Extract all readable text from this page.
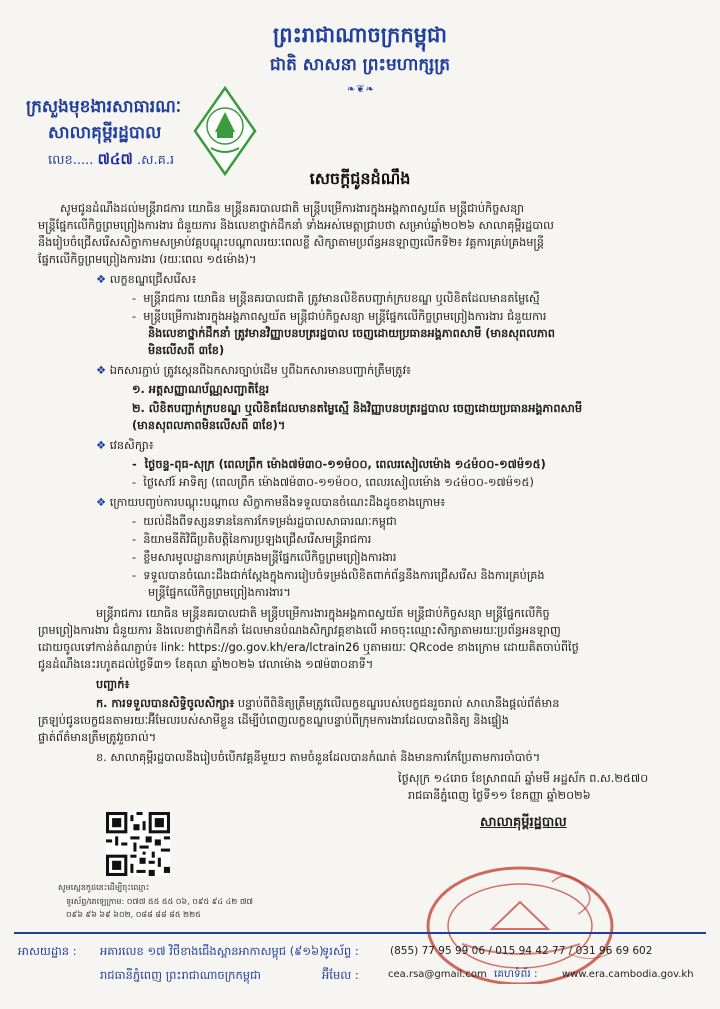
ព្រះរាជាណាចក្រកម្ពុជា
ជាតិ សាសនា ព្រះមហាក្សត្រ
❧❦❧
ក្រសួងមុខងារសាធារណៈ
សាលាគុម្ពីរដ្ឋបាល
លេខ..... ៧៤៧ .ស.គ.រ
សេចក្តីជូនដំណឹង
សូមជូនដំណឹងដល់មន្ត្រីរាជការ យោធិន មន្ត្រីនគរបាលជាតិ មន្ត្រីបម្រើការងារក្នុងអង្គភាពស្វយ័ត មន្ត្រីជាប់កិច្ចសន្យា
មន្ត្រីផ្នែកលើកិច្ចព្រមព្រៀងការងារ ជំនួយការ និងលេខាថ្នាក់ដឹកនាំ ទាំងអស់មេត្តាជ្រាបថា សម្រាប់ឆ្នាំ២០២៦ សាលាគុម្ពីរដ្ឋបាល
នឹងរៀបចំជ្រើសរើសសិក្ខាកាមសម្រាប់វគ្គបណ្តុះបណ្តាលរយៈពេលខ្លី សិក្សាតាមប្រព័ន្ធអនឡាញលើកទី២៖ វគ្គការគ្រប់គ្រងមន្ត្រី
ផ្នែកលើកិច្ចព្រមព្រៀងការងារ (រយៈពេល ១៥ម៉ោង)។
❖ លក្ខខណ្ឌជ្រើសរើស៖
-  មន្ត្រីរាជការ យោធិន មន្ត្រីនគរបាលជាតិ ត្រូវមានលិខិតបញ្ជាក់ក្របខណ្ឌ ឬលិខិតដែលមានតម្លៃស្មើ
-  មន្ត្រីបម្រើការងារក្នុងអង្គភាពស្វយ័ត មន្ត្រីជាប់កិច្ចសន្យា មន្ត្រីផ្នែកលើកិច្ចព្រមព្រៀងការងារ ជំនួយការ
និងលេខាថ្នាក់ដឹកនាំ ត្រូវមានវិញ្ញាបនបត្ររដ្ឋបាល ចេញដោយប្រធានអង្គភាពសាមី (មានសុពលភាព
មិនលើសពី ៣ខែ)
❖ ឯកសារភ្ជាប់ ត្រូវស្កេនពីឯកសារច្បាប់ដើម ឬពីឯកសារមានបញ្ជាក់ត្រឹមត្រូវ៖
១. អត្តសញ្ញាណប័ណ្ណសញ្ជាតិខ្មែរ
២. លិខិតបញ្ជាក់ក្របខណ្ឌ ឬលិខិតដែលមានតម្លៃស្មើ និងវិញ្ញាបនបត្ររដ្ឋបាល ចេញដោយប្រធានអង្គភាពសាមី
(មានសុពលភាពមិនលើសពី ៣ខែ)។
❖ វេនសិក្សា៖
-  ថ្ងៃចន្ទ-ពុធ-សុក្រ (ពេលព្រឹក ម៉ោង៧ម៉៣០-១១ម៉០០, ពេលរសៀលម៉ោង ១៤ម៉០០-១៧ម៉១៥)
-  ថ្ងៃសៅរ៍ អាទិត្យ (ពេលព្រឹក ម៉ោង៧ម៉៣០-១១ម៉០០, ពេលរសៀលម៉ោង ១៤ម៉០០-១៧ម៉១៥)
❖ ក្រោយបញ្ចប់ការបណ្តុះបណ្តាល សិក្ខាកាមនឹងទទួលបានចំណេះដឹងដូចខាងក្រោម៖
-  យល់ដឹងពីទស្សនទាននៃការកែទម្រង់រដ្ឋបាលសាធារណៈកម្ពុជា
-  និយាមនីតិវិធីប្រតិបត្តិនៃការប្រឡងជ្រើសរើសមន្ត្រីរាជការ
-  ខ្លឹមសារមូលដ្ឋានការគ្រប់គ្រងមន្ត្រីផ្នែកលើកិច្ចព្រមព្រៀងការងារ
-  ទទួលបានចំណេះដឹងជាក់ស្តែងក្នុងការរៀបចំទម្រង់លិខិតពាក់ព័ន្ធនឹងការជ្រើសរើស និងការគ្រប់គ្រង
មន្ត្រីផ្នែកលើកិច្ចព្រមព្រៀងការងារ។
មន្ត្រីរាជការ យោធិន មន្ត្រីនគរបាលជាតិ មន្ត្រីបម្រើការងារក្នុងអង្គភាពស្វយ័ត មន្ត្រីជាប់កិច្ចសន្យា មន្ត្រីផ្នែកលើកិច្ច
ព្រមព្រៀងការងារ ជំនួយការ និងលេខាថ្នាក់ដឹកនាំ ដែលមានបំណងសិក្សាវគ្គខាងលើ អាចចុះឈ្មោះសិក្សាតាមរយៈប្រព័ន្ធអនឡាញ
ដោយចូលទៅកាន់តំណភ្ជាប់៖ link: https://go.gov.kh/era/lctrain26 ឬតាមរយៈ QRcode ខាងក្រោម ដោយគិតចាប់ពីថ្ងៃ
ជូនដំណឹងនេះរហូតដល់ថ្ងៃទី៣១ ខែតុលា ឆ្នាំ២០២៦ វេលាម៉ោង ១៧ម៉៣០នាទី។
បញ្ជាក់៖
ក. ការទទួលបានសិទ្ធិចូលសិក្សា៖ បន្ទាប់ពីពិនិត្យត្រឹមត្រូវលើលក្ខខណ្ឌរបស់បេក្ខជនរួចរាល់ សាលានឹងផ្តល់ព័ត៌មាន
ត្រឡប់ជូនបេក្ខជនតាមរយៈអ៊ីមែលរបស់សាមីខ្លួន ដើម្បីបំពេញលក្ខខណ្ឌបន្ទាប់ពីក្រុមការងារដែលបានពិនិត្យ និងផ្ទៀង
ផ្ទាត់ព័ត៌មានត្រឹមត្រូវរួចរាល់។
ខ. សាលាគុម្ពីរដ្ឋបាលនឹងរៀបចំបើកវគ្គនីមួយៗ តាមចំនួនដែលបានកំណត់ និងមានការកែប្រែតាមការចាំបាច់។
ថ្ងៃសុក្រ ១៤រោច ខែស្រាពណ៍ ឆ្នាំមមី អដ្ឋស័ក ព.ស.២៥៧០
រាជធានីភ្នំពេញ ថ្ងៃទី១១ ខែកញ្ញា ឆ្នាំ២០២៦
សាលាគុម្ពីរដ្ឋបាល
សូមស្កេនកូដនេះដើម្បីចុះឈ្មោះ
ទូរស័ព្ទ/តេឡេក្រាម: ០៧៧ ៥៥ ៥៥ ០៦, ០៩៥ ៩៤ ៤២ ៧៧
០៩៦ ៩៦ ៦៩ ៦០២, ០៨៨ ៨៨ ៨៥ ២២៥
អាសយដ្ឋាន : អគារលេខ ១៧ វិថីខាងជើងស្ពានអាកាសម្ពុជ (៩១៦)
រាជធានីភ្នំពេញ ព្រះរាជាណាចក្រកម្ពុជា
ទូរស័ព្ទ :	(855) 77 95 99 06 / 015 94 42 77 / 031 96 69 602
អ៊ីមែល :	cea.rsa@gmail.com គេហទំព័រ : www.era.cambodia.gov.kh
